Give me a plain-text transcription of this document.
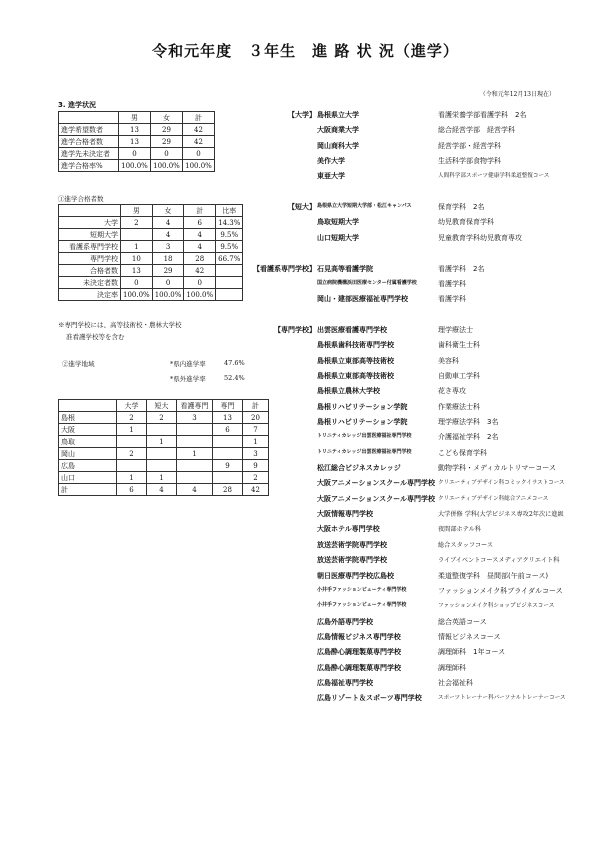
令和元年度　３年生　進 路 状 況（進学）
（令和元年12月13日現在）
3. 進学状況
	男	女	計
進学希望数者	13	29	42
進学合格者数	13	29	42
進学先未決定者	0	0	0
進学合格率%	100.0%	100.0%	100.0%
①進学合格者数
	男	女	計	比率
大学	2	4	6	14.3%
短期大学		4	4	9.5%
看護系専門学校	1	3	4	9.5%
専門学校	10	18	28	66.7%
合格者数	13	29	42	
未決定者数	0	0	0	
決定率	100.0%	100.0%	100.0%	
※専門学校には、高等技術校・農林大学校
准看護学校等を含む
②進学地域	*県内進学率	47.6%
*県外進学率	52.4%
	大学	短大	看護専門	専門	計
島根	2	2	3	13	20
大阪	1			6	7
鳥取		1			1
岡山	2		1		3
広島				9	9
山口	1	1			2
計	6	4	4	28	42
【大学】 島根県立大学	看護栄養学部看護学科　2名
大阪商業大学	総合経営学部　経営学科
岡山商科大学	経営学部・経営学科
美作大学	生活科学部食物学科
東亜大学	人間科学部スポーツ健康学科柔道整復コース
【短大】 島根県立大学短期大学部・松江キャンパス	保育学科　2名
鳥取短期大学	幼児教育保育学科
山口短期大学	児童教育学科幼児教育専攻
【看護系専門学校】 石見高等看護学院	看護学科　2名
国立病院機構浜田医療センター付属看護学校	看護学科
岡山・建部医療福祉専門学校	看護学科
【専門学校】 出雲医療看護専門学校	理学療法士
島根県歯科技術専門学校	歯科衛生士科
島根県立東部高等技術校	美容科
島根県立東部高等技術校	自動車工学科
島根県立農林大学校	花き専攻
島根リハビリテーション学院	作業療法士科
島根リハビリテーション学院	理学療法学科　3名
トリニティカレッジ出雲医療福祉専門学校	介護福祉学科　2名
トリニティカレッジ出雲医療福祉専門学校	こども保育学科
松江総合ビジネスカレッジ	動物学科・メディカルトリマーコース
大阪アニメーションスクール専門学校 クリエーティブデザイン科コミックイラストコース
大阪アニメーションスクール専門学校 クリエーティブデザイン科総合アニメコース
大阪情報専門学校	大学併修 学科(大学ビジネス専攻2年次に進級
大阪ホテル専門学校	夜間部ホテル科
放送芸術学院専門学校	総合スタッフコース
放送芸術学院専門学校	ライブイベントコースメディアクリエイト科
朝日医療専門学校広島校	柔道整復学科　昼間部(午前コース)
小井手ファッションビューティ専門学校	ファッションメイク科ブライダルコース
小井手ファッションビューティ専門学校	ファッションメイク科ショップビジネスコース
広島外語専門学校	総合英語コース
広島情報ビジネス専門学校	情報ビジネスコース
広島酔心調理製菓専門学校	調理師科　1年コース
広島酔心調理製菓専門学校	調理師科
広島福祉専門学校	社会福祉科
広島リゾート＆スポーツ専門学校	スポーツトレーナー科パーソナルトレーナーコース
